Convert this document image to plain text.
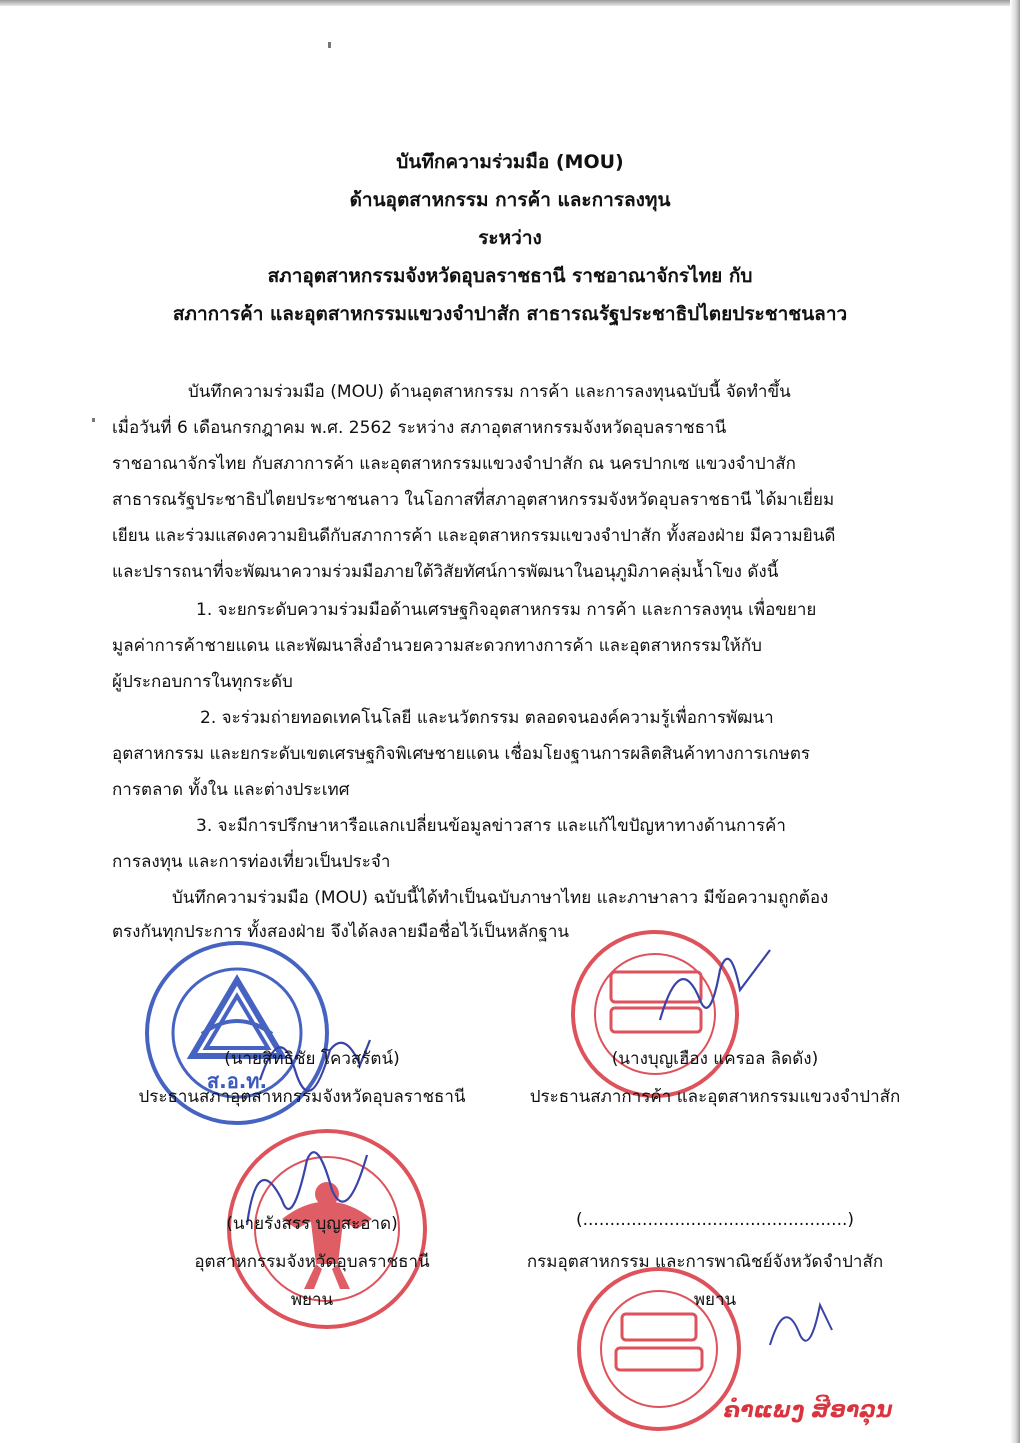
บันทึกความร่วมมือ (MOU)
ด้านอุตสาหกรรม การค้า และการลงทุน
ระหว่าง
สภาอุตสาหกรรมจังหวัดอุบลราชธานี ราชอาณาจักรไทย กับ
สภาการค้า และอุตสาหกรรมแขวงจำปาสัก สาธารณรัฐประชาธิปไตยประชาชนลาว
บันทึกความร่วมมือ (MOU) ด้านอุตสาหกรรม การค้า และการลงทุนฉบับนี้ จัดทำขึ้น
เมื่อวันที่ 6 เดือนกรกฎาคม พ.ศ. 2562 ระหว่าง สภาอุตสาหกรรมจังหวัดอุบลราชธานี
ราชอาณาจักรไทย กับสภาการค้า และอุตสาหกรรมแขวงจำปาสัก ณ นครปากเซ แขวงจำปาสัก
สาธารณรัฐประชาธิปไตยประชาชนลาว ในโอกาสที่สภาอุตสาหกรรมจังหวัดอุบลราชธานี ได้มาเยี่ยม
เยียน และร่วมแสดงความยินดีกับสภาการค้า และอุตสาหกรรมแขวงจำปาสัก ทั้งสองฝ่าย มีความยินดี
และปรารถนาที่จะพัฒนาความร่วมมือภายใต้วิสัยทัศน์การพัฒนาในอนุภูมิภาคลุ่มน้ำโขง ดังนี้
1. จะยกระดับความร่วมมือด้านเศรษฐกิจอุตสาหกรรม การค้า และการลงทุน เพื่อขยาย
มูลค่าการค้าชายแดน และพัฒนาสิ่งอำนวยความสะดวกทางการค้า และอุตสาหกรรมให้กับ
ผู้ประกอบการในทุกระดับ
2. จะร่วมถ่ายทอดเทคโนโลยี และนวัตกรรม ตลอดจนองค์ความรู้เพื่อการพัฒนา
อุตสาหกรรม และยกระดับเขตเศรษฐกิจพิเศษชายแดน เชื่อมโยงฐานการผลิตสินค้าทางการเกษตร
การตลาด ทั้งใน และต่างประเทศ
3. จะมีการปรึกษาหารือแลกเปลี่ยนข้อมูลข่าวสาร และแก้ไขปัญหาทางด้านการค้า
การลงทุน และการท่องเที่ยวเป็นประจำ
บันทึกความร่วมมือ (MOU) ฉบับนี้ได้ทำเป็นฉบับภาษาไทย และภาษาลาว มีข้อความถูกต้อง
ตรงกันทุกประการ ทั้งสองฝ่าย จึงได้ลงลายมือชื่อไว้เป็นหลักฐาน
ส.อ.ท.
(นายสิทธิชัย โควสุรัตน์)
ประธานสภาอุตสาหกรรมจังหวัดอุบลราชธานี
(นางบุญเฮือง แครอล ลิดดัง)
ประธานสภาการค้า และอุตสาหกรรมแขวงจำปาสัก
(นายรังสรร บุญสะอาด)
อุตสาหกรรมจังหวัดอุบลราชธานี
พยาน
(.................................................)
กรมอุตสาหกรรม และการพาณิชย์จังหวัดจำปาสัก
พยาน
ຄຳແພງ ສີອາລຸນ
